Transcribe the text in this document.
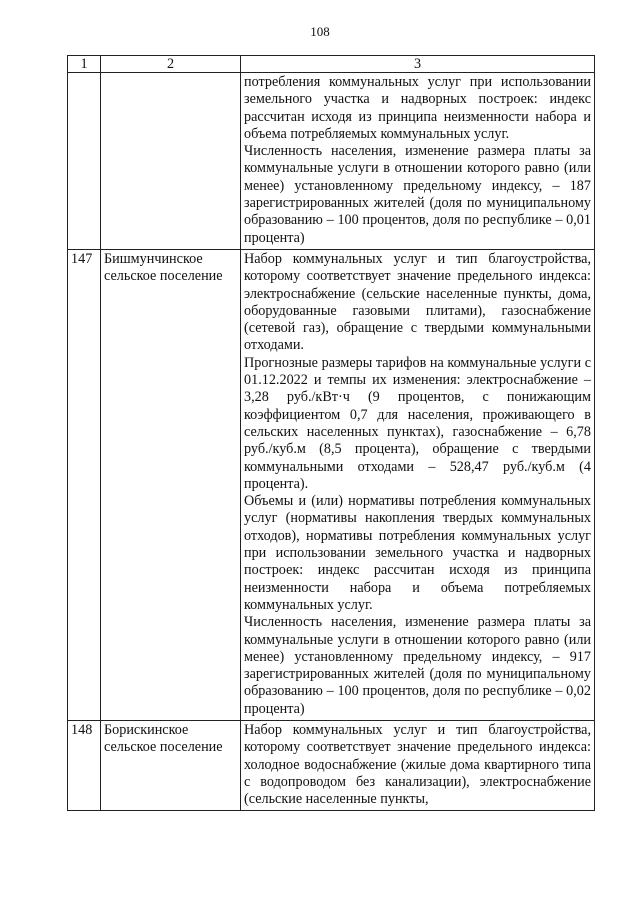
108
1	2	3

		потребления коммунальных услуг при использовании земельного участка и надворных построек: индекс рассчитан исходя из принципа неизменности набора и объема потребляемых коммунальных услуг.

Численность населения, изменение размера платы за коммунальные услуги в отношении которого равно (или менее) установленному предельному индексу, – 187 зарегистрированных жителей (доля по муниципальному образованию – 100 процентов, доля по республике – 0,01 процента)

147	Бишмунчинское сельское поселение	Набор коммунальных услуг и тип благоустройства, которому соответствует значение предельного индекса: электроснабжение (сельские населенные пункты, дома, оборудованные газовыми плитами), газоснабжение (сетевой газ), обращение с твердыми коммунальными отходами.

Прогнозные размеры тарифов на коммунальные услуги с 01.12.2022 и темпы их изменения: электроснабжение – 3,28 руб./кВт·ч (9 процентов, с понижающим коэффициентом 0,7 для населения, проживающего в сельских населенных пунктах), газоснабжение – 6,78 руб./куб.м (8,5 процента), обращение с твердыми коммунальными отходами – 528,47 руб./куб.м (4 процента).

Объемы и (или) нормативы потребления коммунальных услуг (нормативы накопления твердых коммунальных отходов), нормативы потребления коммунальных услуг при использовании земельного участка и надворных построек: индекс рассчитан исходя из принципа неизменности набора и объема потребляемых коммунальных услуг.

Численность населения, изменение размера платы за коммунальные услуги в отношении которого равно (или менее) установленному предельному индексу, – 917 зарегистрированных жителей (доля по муниципальному образованию – 100 процентов, доля по республике – 0,02 процента)

148	Борискинское сельское поселение	Набор коммунальных услуг и тип благоустройства, которому соответствует значение предельного индекса: холодное водоснабжение (жилые дома квартирного типа с водопроводом без канализации), электроснабжение (сельские населенные пункты,
